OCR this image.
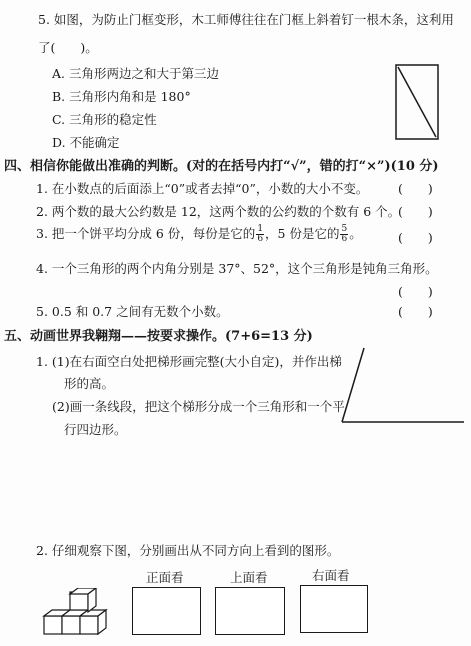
5. 如图，为防止门框变形，木工师傅往往在门框上斜着钉一根木条，这利用
了(　　)。
A. 三角形两边之和大于第三边
B. 三角形内角和是 180°
C. 三角形的稳定性
D. 不能确定
四、相信你能做出准确的判断。(对的在括号内打“√”，错的打“×”)(10 分)
1. 在小数点的后面添上“0”或者去掉“0”，小数的大小不变。 (　　)
2. 两个数的最大公约数是 12，这两个数的公约数的个数有 6 个。
(　　)
3. 把一个饼平均分成 6 份，每份是它的 $\frac{1}{6}$ ，5 份是它的 $\frac{5}{6}$ 。	(　　)
4. 一个三角形的两个内角分别是 37°、52°，这个三角形是钝角三角形。
(　　)
5. 0.5 和 0.7 之间有无数个小数。	(　　)
五、动画世界我翱翔——按要求操作。(7+6=13 分)
1. (1)在右面空白处把梯形画完整(大小自定)，并作出梯
形的高。
(2)画一条线段，把这个梯形分成一个三角形和一个平
行四边形。
2. 仔细观察下图，分别画出从不同方向上看到的图形。
正面看	上面看	右面看
